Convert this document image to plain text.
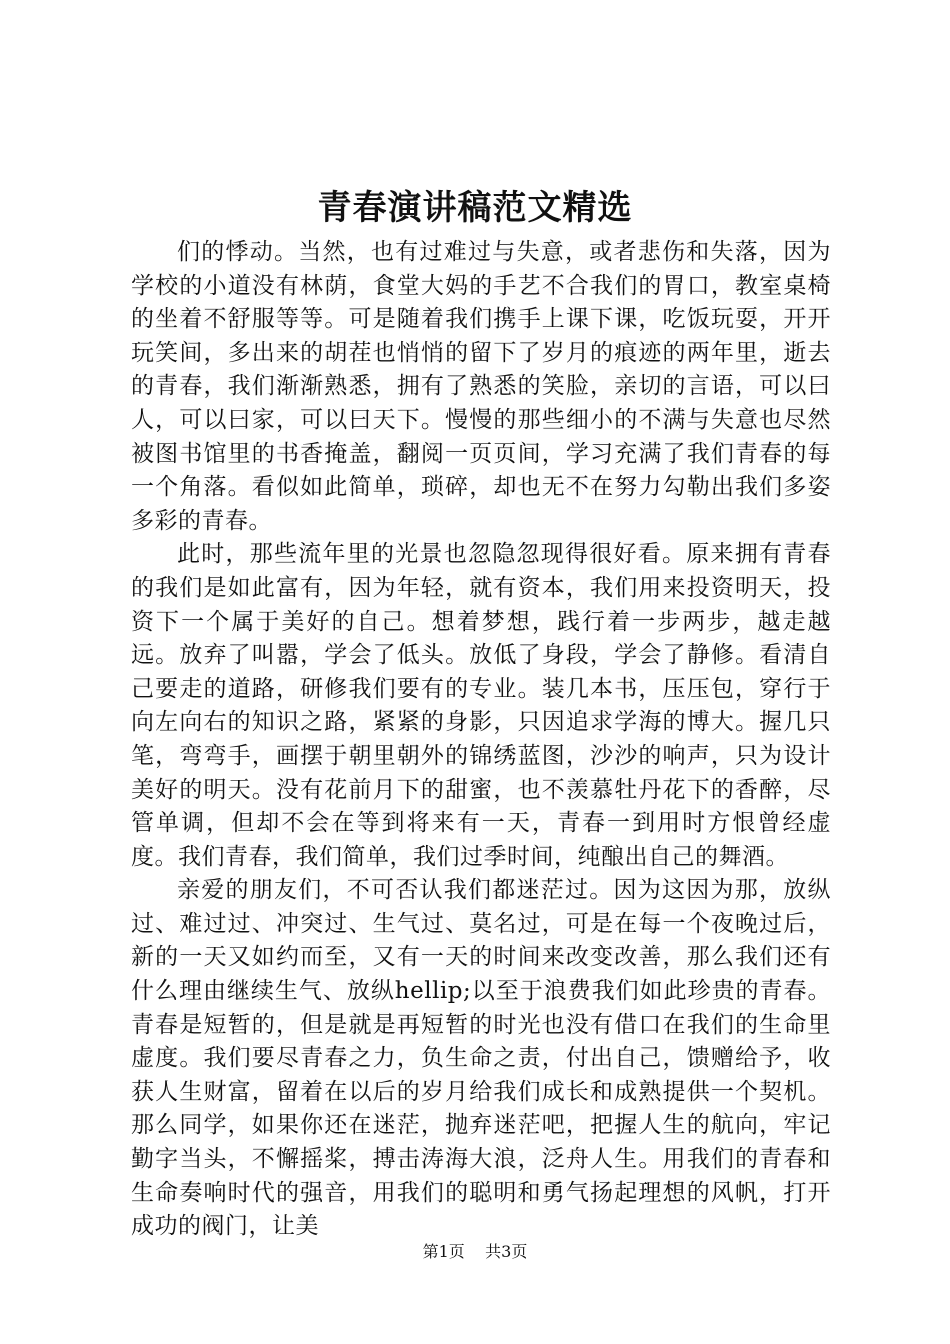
青春演讲稿范文精选

们的悸动。当然，也有过难过与失意，或者悲伤和失落，因为学校的小道没有林荫，食堂大妈的手艺不合我们的胃口，教室桌椅的坐着不舒服等等。可是随着我们携手上课下课，吃饭玩耍，开开玩笑间，多出来的胡茬也悄悄的留下了岁月的痕迹的两年里，逝去的青春，我们渐渐熟悉，拥有了熟悉的笑脸，亲切的言语，可以曰人，可以曰家，可以曰天下。慢慢的那些细小的不满与失意也尽然被图书馆里的书香掩盖，翻阅一页页间，学习充满了我们青春的每一个角落。看似如此简单，琐碎，却也无不在努力勾勒出我们多姿多彩的青春。

此时，那些流年里的光景也忽隐忽现得很好看。原来拥有青春的我们是如此富有，因为年轻，就有资本，我们用来投资明天，投资下一个属于美好的自己。想着梦想，践行着一步两步，越走越远。放弃了叫嚣，学会了低头。放低了身段，学会了静修。看清自己要走的道路，研修我们要有的专业。装几本书，压压包，穿行于向左向右的知识之路，紧紧的身影，只因追求学海的博大。握几只笔，弯弯手，画摆于朝里朝外的锦绣蓝图，沙沙的响声，只为设计美好的明天。没有花前月下的甜蜜，也不羡慕牡丹花下的香醉，尽管单调，但却不会在等到将来有一天，青春一到用时方恨曾经虚度。我们青春，我们简单，我们过季时间，纯酿出自己的舞酒。

亲爱的朋友们，不可否认我们都迷茫过。因为这因为那，放纵过、难过过、冲突过、生气过、莫名过，可是在每一个夜晚过后，新的一天又如约而至，又有一天的时间来改变改善，那么我们还有什么理由继续生气、放纵hellip;以至于浪费我们如此珍贵的青春。青春是短暂的，但是就是再短暂的时光也没有借口在我们的生命里虚度。我们要尽青春之力，负生命之责，付出自己，馈赠给予，收获人生财富，留着在以后的岁月给我们成长和成熟提供一个契机。那么同学，如果你还在迷茫，抛弃迷茫吧，把握人生的航向，牢记勤字当头，不懈摇桨，搏击涛海大浪，泛舟人生。用我们的青春和生命奏响时代的强音，用我们的聪明和勇气扬起理想的风帆，打开成功的阀门，让美

第1页 共3页
